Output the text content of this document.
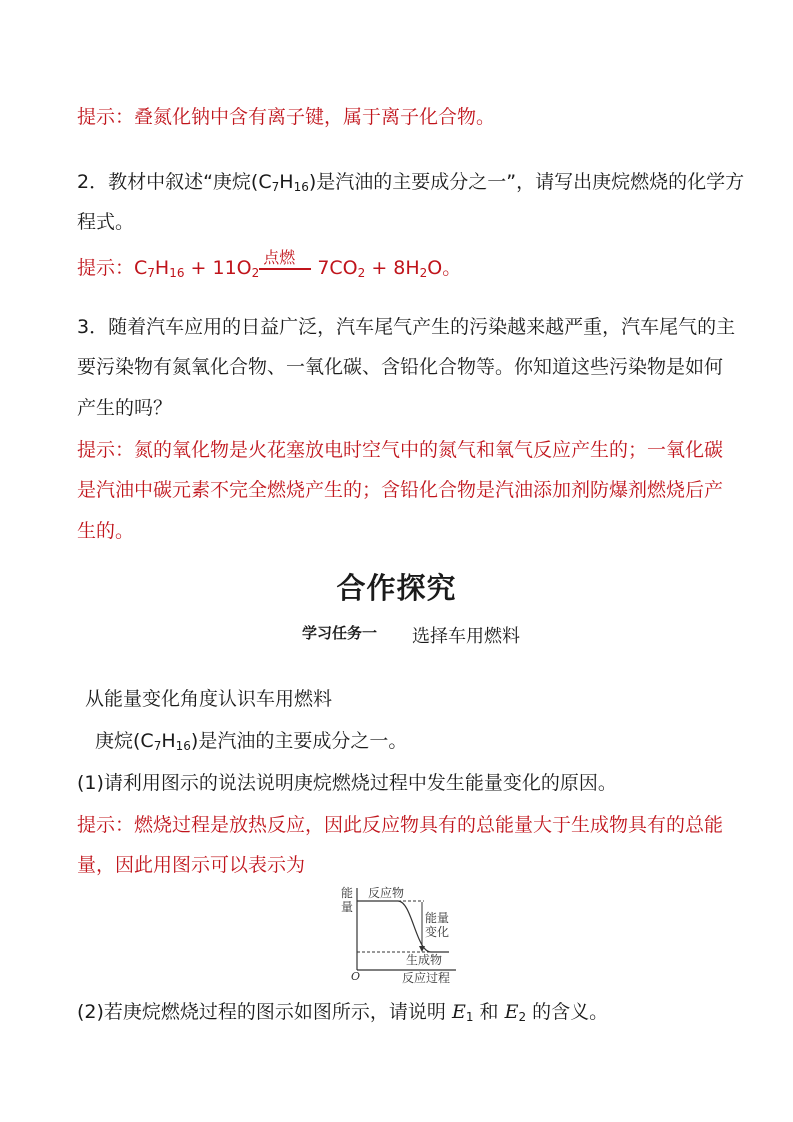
提示：叠氮化钠中含有离子键，属于离子化合物。
2．教材中叙述“庚烷(C7H16)是汽油的主要成分之一”，请写出庚烷燃烧的化学方
程式。
提示：C7H16 + 11O2
点燃 7CO2 + 8H2O。
3．随着汽车应用的日益广泛，汽车尾气产生的污染越来越严重，汽车尾气的主
要污染物有氮氧化合物、一氧化碳、含铅化合物等。你知道这些污染物是如何
产生的吗？
提示：氮的氧化物是火花塞放电时空气中的氮气和氧气反应产生的；一氧化碳
是汽油中碳元素不完全燃烧产生的；含铅化合物是汽油添加剂防爆剂燃烧后产
生的。
合作探究
学习任务一 选择车用燃料
从能量变化角度认识车用燃料
庚烷(C7H16)是汽油的主要成分之一。
(1)请利用图示的说法说明庚烷燃烧过程中发生能量变化的原因。
提示：燃烧过程是放热反应，因此反应物具有的总能量大于生成物具有的总能
量，因此用图示可以表示为
能
量
反应物
能量
变化
生成物
O	反应过程
(2)若庚烷燃烧过程的图示如图所示，请说明 E1 和 E2 的含义。
